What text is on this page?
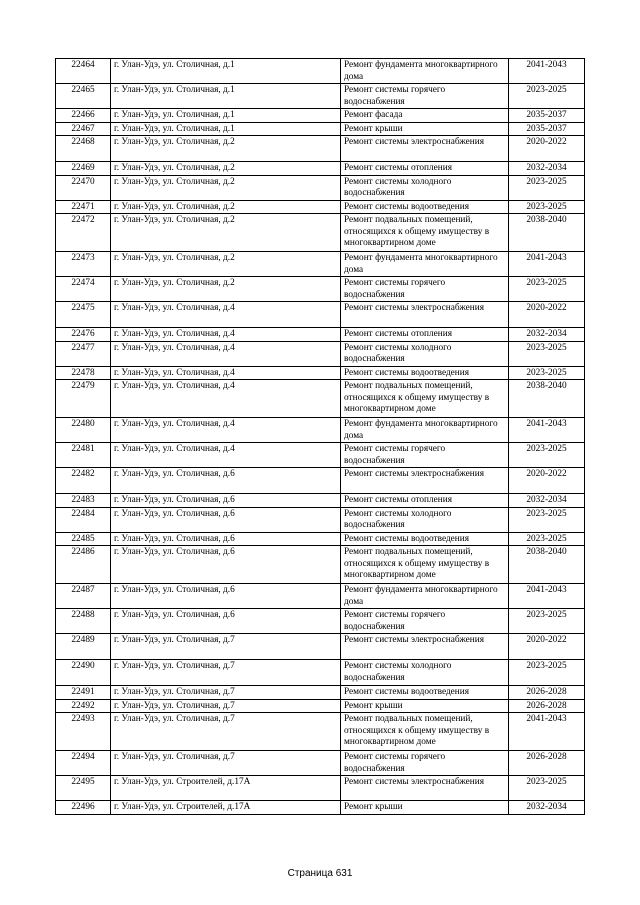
22464	г. Улан-Удэ, ул. Столичная, д.1	Ремонт фундамента многоквартирного дома	2041-2043
22465	г. Улан-Удэ, ул. Столичная, д.1	Ремонт системы горячего водоснабжения	2023-2025
22466	г. Улан-Удэ, ул. Столичная, д.1	Ремонт фасада	2035-2037
22467	г. Улан-Удэ, ул. Столичная, д.1	Ремонт крыши	2035-2037
22468	г. Улан-Удэ, ул. Столичная, д.2	Ремонт системы электроснабжения	2020-2022
22469	г. Улан-Удэ, ул. Столичная, д.2	Ремонт системы отопления	2032-2034
22470	г. Улан-Удэ, ул. Столичная, д.2	Ремонт системы холодного водоснабжения	2023-2025
22471	г. Улан-Удэ, ул. Столичная, д.2	Ремонт системы водоотведения	2023-2025
22472	г. Улан-Удэ, ул. Столичная, д.2	Ремонт подвальных помещений, относящихся к общему имуществу в многоквартирном доме	2038-2040
22473	г. Улан-Удэ, ул. Столичная, д.2	Ремонт фундамента многоквартирного дома	2041-2043
22474	г. Улан-Удэ, ул. Столичная, д.2	Ремонт системы горячего водоснабжения	2023-2025
22475	г. Улан-Удэ, ул. Столичная, д.4	Ремонт системы электроснабжения	2020-2022
22476	г. Улан-Удэ, ул. Столичная, д.4	Ремонт системы отопления	2032-2034
22477	г. Улан-Удэ, ул. Столичная, д.4	Ремонт системы холодного водоснабжения	2023-2025
22478	г. Улан-Удэ, ул. Столичная, д.4	Ремонт системы водоотведения	2023-2025
22479	г. Улан-Удэ, ул. Столичная, д.4	Ремонт подвальных помещений, относящихся к общему имуществу в многоквартирном доме	2038-2040
22480	г. Улан-Удэ, ул. Столичная, д.4	Ремонт фундамента многоквартирного дома	2041-2043
22481	г. Улан-Удэ, ул. Столичная, д.4	Ремонт системы горячего водоснабжения	2023-2025
22482	г. Улан-Удэ, ул. Столичная, д.6	Ремонт системы электроснабжения	2020-2022
22483	г. Улан-Удэ, ул. Столичная, д.6	Ремонт системы отопления	2032-2034
22484	г. Улан-Удэ, ул. Столичная, д.6	Ремонт системы холодного водоснабжения	2023-2025
22485	г. Улан-Удэ, ул. Столичная, д.6	Ремонт системы водоотведения	2023-2025
22486	г. Улан-Удэ, ул. Столичная, д.6	Ремонт подвальных помещений, относящихся к общему имуществу в многоквартирном доме	2038-2040
22487	г. Улан-Удэ, ул. Столичная, д.6	Ремонт фундамента многоквартирного дома	2041-2043
22488	г. Улан-Удэ, ул. Столичная, д.6	Ремонт системы горячего водоснабжения	2023-2025
22489	г. Улан-Удэ, ул. Столичная, д.7	Ремонт системы электроснабжения	2020-2022
22490	г. Улан-Удэ, ул. Столичная, д.7	Ремонт системы холодного водоснабжения	2023-2025
22491	г. Улан-Удэ, ул. Столичная, д.7	Ремонт системы водоотведения	2026-2028
22492	г. Улан-Удэ, ул. Столичная, д.7	Ремонт крыши	2026-2028
22493	г. Улан-Удэ, ул. Столичная, д.7	Ремонт подвальных помещений, относящихся к общему имуществу в многоквартирном доме	2041-2043
22494	г. Улан-Удэ, ул. Столичная, д.7	Ремонт системы горячего водоснабжения	2026-2028
22495	г. Улан-Удэ, ул. Строителей, д.17А	Ремонт системы электроснабжения	2023-2025
22496	г. Улан-Удэ, ул. Строителей, д.17А	Ремонт крыши	2032-2034
Страница 631
